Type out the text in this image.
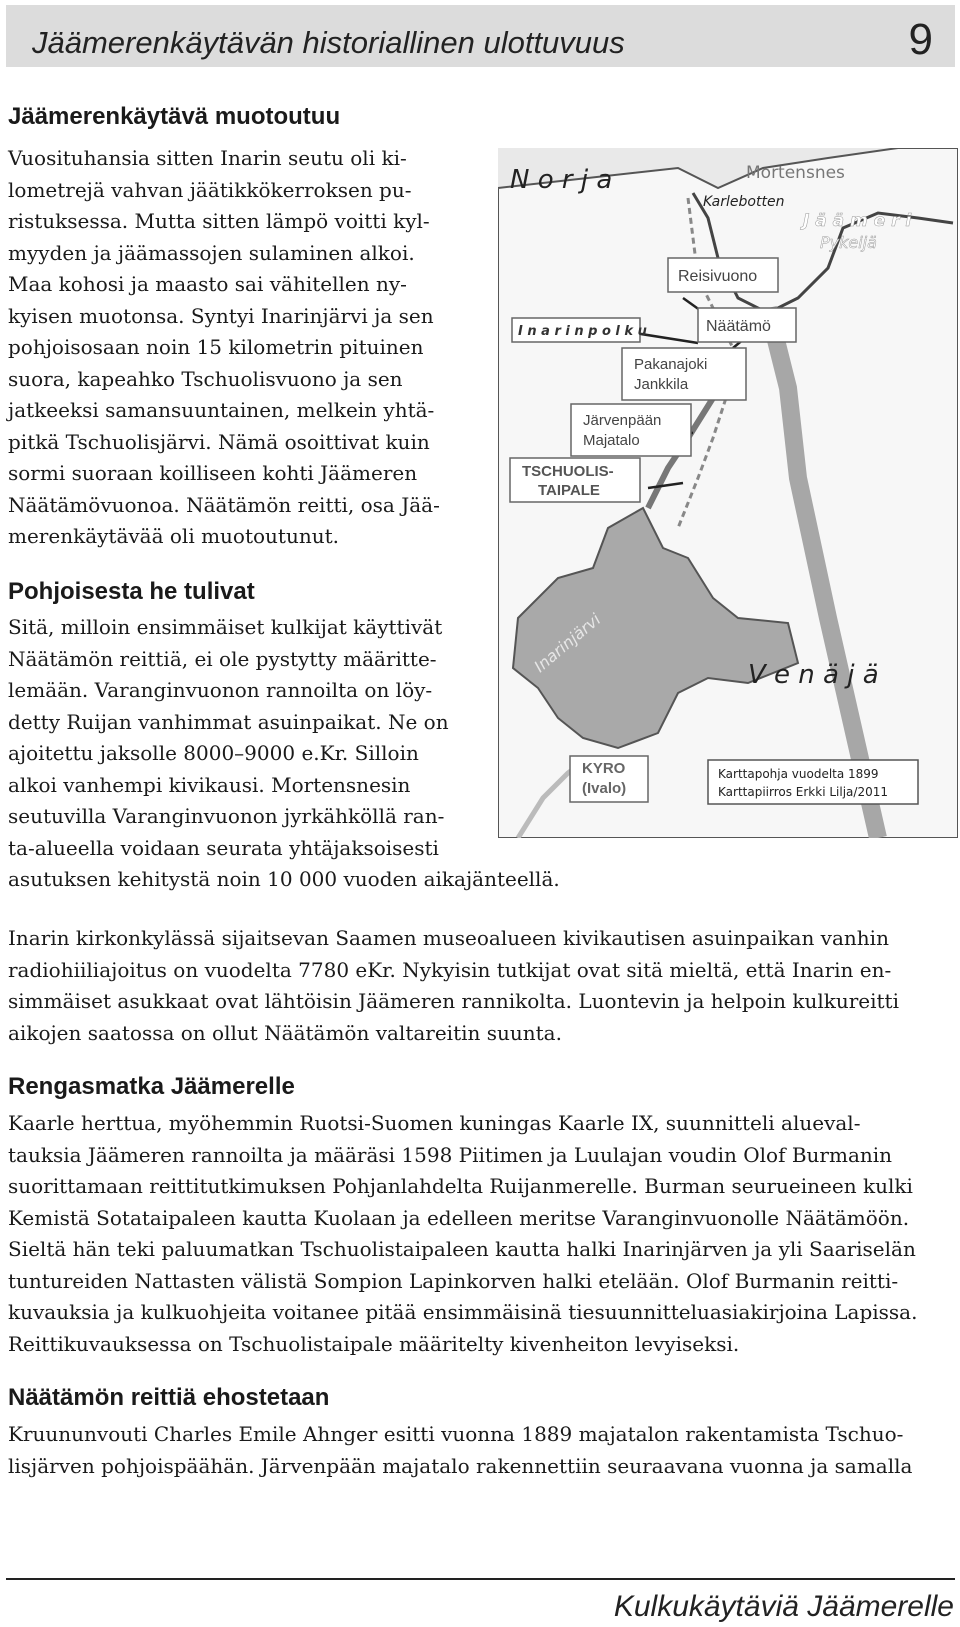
Jäämerenkäytävän historiallinen ulottuvuus	9
Jäämerenkäytävä muotoutuu
Vuosituhansia sitten Inarin seutu oli ki-
lometrejä vahvan jäätikkökerroksen pu-
ristuksessa. Mutta sitten lämpö voitti kyl-
myyden ja jäämassojen sulaminen alkoi.
Maa kohosi ja maasto sai vähitellen ny-
kyisen muotonsa. Syntyi Inarinjärvi ja sen
pohjoisosaan noin 15 kilometrin pituinen
suora, kapeahko Tschuolisvuono ja sen
jatkeeksi samansuuntainen, melkein yhtä-
pitkä Tschuolisjärvi. Nämä osoittivat kuin
sormi suoraan koilliseen kohti Jäämeren
Näätämövuonoa. Näätämön reitti, osa Jää-
merenkäytävää oli muotoutunut.
Pohjoisesta he tulivat
Sitä, milloin ensimmäiset kulkijat käyttivät
Näätämön reittiä, ei ole pystytty määritte-
lemään. Varanginvuonon rannoilta on löy-
detty Ruijan vanhimmat asuinpaikat. Ne on
ajoitettu jaksolle 8000–9000 e.Kr. Silloin
alkoi vanhempi kivikausi. Mortensnesin
seutuvilla Varanginvuonon jyrkähköllä ran-
ta-alueella voidaan seurata yhtäjaksoisesti
asutuksen kehitystä noin 10 000 vuoden aikajänteellä.
Inarin kirkonkylässä sijaitsevan Saamen museoalueen kivikautisen asuinpaikan vanhin
radiohiiliajoitus on vuodelta 7780 eKr. Nykyisin tutkijat ovat sitä mieltä, että Inarin en-
simmäiset asukkaat ovat lähtöisin Jäämeren rannikolta. Luontevin ja helpoin kulkureitti
aikojen saatossa on ollut Näätämön valtareitin suunta.
Rengasmatka Jäämerelle
Kaarle herttua, myöhemmin Ruotsi-Suomen kuningas Kaarle IX, suunnitteli alueval-
tauksia Jäämeren rannoilta ja määräsi 1598 Piitimen ja Luulajan voudin Olof Burmanin
suorittamaan reittitutkimuksen Pohjanlahdelta Ruijanmerelle. Burman seurueineen kulki
Kemistä Sotataipaleen kautta Kuolaan ja edelleen meritse Varanginvuonolle Näätämöön.
Sieltä hän teki paluumatkan Tschuolistaipaleen kautta halki Inarinjärven ja yli Saariselän
tuntureiden Nattasten välistä Sompion Lapinkorven halki etelään. Olof Burmanin reitti-
kuvauksia ja kulkuohjeita voitanee pitää ensimmäisinä tiesuunnitteluasiakirjoina Lapissa.
Reittikuvauksessa on Tschuolistaipale määritelty kivenheiton levyiseksi.
Näätämön reittiä ehostetaan
Kruununvouti Charles Emile Ahnger esitti vuonna 1889 majatalon rakentamista Tschuo-
lisjärven pohjoispäähän. Järvenpään majatalo rakennettiin seuraavana vuonna ja samalla
N o r j a	Mortensnes
Karlebotten
J ä ä m e r i
Pykeijä
Reisivuono
I n a r i n p o l k u	Näätämö
Pakanajoki
Jankkila
Järvenpään
Majatalo
TSCHUOLIS-
TAIPALE
Inarinjärvi	V e n ä j ä
KYRO
(Ivalo)
Karttapohja vuodelta 1899
Karttapiirros Erkki Lilja/2011
Kulkukäytäviä Jäämerelle
